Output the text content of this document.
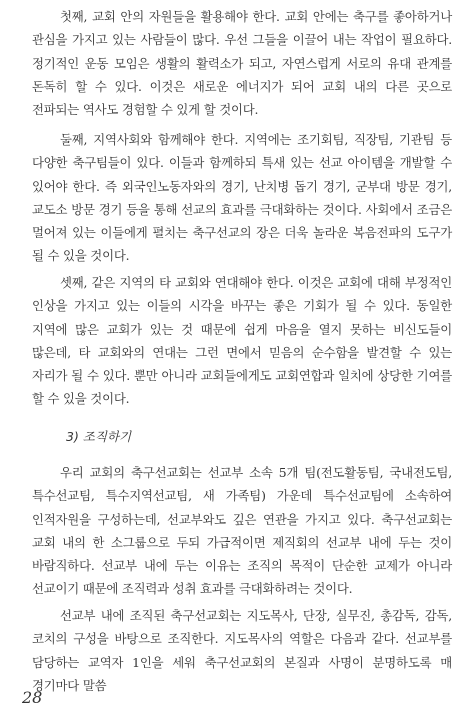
첫째, 교회 안의 자원들을 활용해야 한다. 교회 안에는 축구를 좋아하거나 관심을 가지고 있는 사람들이 많다. 우선 그들을 이끌어 내는 작업이 필요하다. 정기적인 운동 모임은 생활의 활력소가 되고, 자연스럽게 서로의 유대 관계를 돈독히 할 수 있다. 이것은 새로운 에너지가 되어 교회 내의 다른 곳으로 전파되는 역사도 경험할 수 있게 할 것이다.

둘째, 지역사회와 함께해야 한다. 지역에는 조기회팀, 직장팀, 기관팀 등 다양한 축구팀들이 있다. 이들과 함께하되 특새 있는 선교 아이템을 개발할 수 있어야 한다. 즉 외국인노동자와의 경기, 난치병 돕기 경기, 군부대 방문 경기, 교도소 방문 경기 등을 통해 선교의 효과를 극대화하는 것이다. 사회에서 조금은 멀어져 있는 이들에게 펼치는 축구선교의 장은 더욱 놀라운 복음전파의 도구가 될 수 있을 것이다.

셋째, 같은 지역의 타 교회와 연대해야 한다. 이것은 교회에 대해 부정적인 인상을 가지고 있는 이들의 시각을 바꾸는 좋은 기회가 될 수 있다. 동일한 지역에 많은 교회가 있는 것 때문에 쉽게 마음을 열지 못하는 비신도들이 많은데, 타 교회와의 연대는 그런 면에서 믿음의 순수함을 발견할 수 있는 자리가 될 수 있다. 뿐만 아니라 교회들에게도 교회연합과 일치에 상당한 기여를 할 수 있을 것이다.

3) 조직하기

우리 교회의 축구선교회는 선교부 소속 5개 팀(전도활동팀, 국내전도팀, 특수선교팀, 특수지역선교팀, 새 가족팀) 가운데 특수선교팀에 소속하여 인적자원을 구성하는데, 선교부와도 깊은 연관을 가지고 있다. 축구선교회는 교회 내의 한 소그룹으로 두되 가급적이면 제직회의 선교부 내에 두는 것이 바람직하다. 선교부 내에 두는 이유는 조직의 목적이 단순한 교제가 아니라 선교이기 때문에 조직력과 성취 효과를 극대화하려는 것이다.

선교부 내에 조직된 축구선교회는 지도목사, 단장, 실무진, 총감독, 감독, 코치의 구성을 바탕으로 조직한다. 지도목사의 역할은 다음과 같다. 선교부를 담당하는 교역자 1인을 세워 축구선교회의 본질과 사명이 분명하도록 매 경기마다 말씀

28
